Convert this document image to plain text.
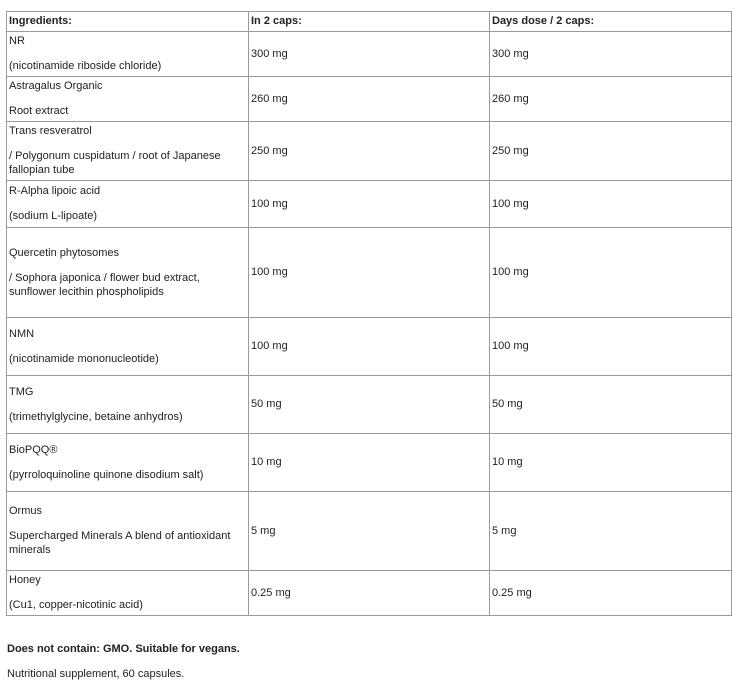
Ingredients:	In 2 caps:	Days dose / 2 caps:

NR
(nicotinamide riboside chloride)	300 mg	300 mg

Astragalus Organic
Root extract	260 mg	260 mg

Trans resveratrol
/ Polygonum cuspidatum / root of Japanese fallopian tube	250 mg	250 mg

R-Alpha lipoic acid
(sodium L-lipoate)	100 mg	100 mg

Quercetin phytosomes
/ Sophora japonica / flower bud extract, sunflower lecithin phospholipids	100 mg	100 mg

NMN
(nicotinamide mononucleotide)	100 mg	100 mg

TMG
(trimethylglycine, betaine anhydros)	50 mg	50 mg

BioPQQ®
(pyrroloquinoline quinone disodium salt)	10 mg	10 mg

Ormus
Supercharged Minerals A blend of antioxidant minerals	5 mg	5 mg

Honey
(Cu1, copper-nicotinic acid)	0.25 mg	0.25 mg
Does not contain: GMO. Suitable for vegans.
Nutritional supplement, 60 capsules.
